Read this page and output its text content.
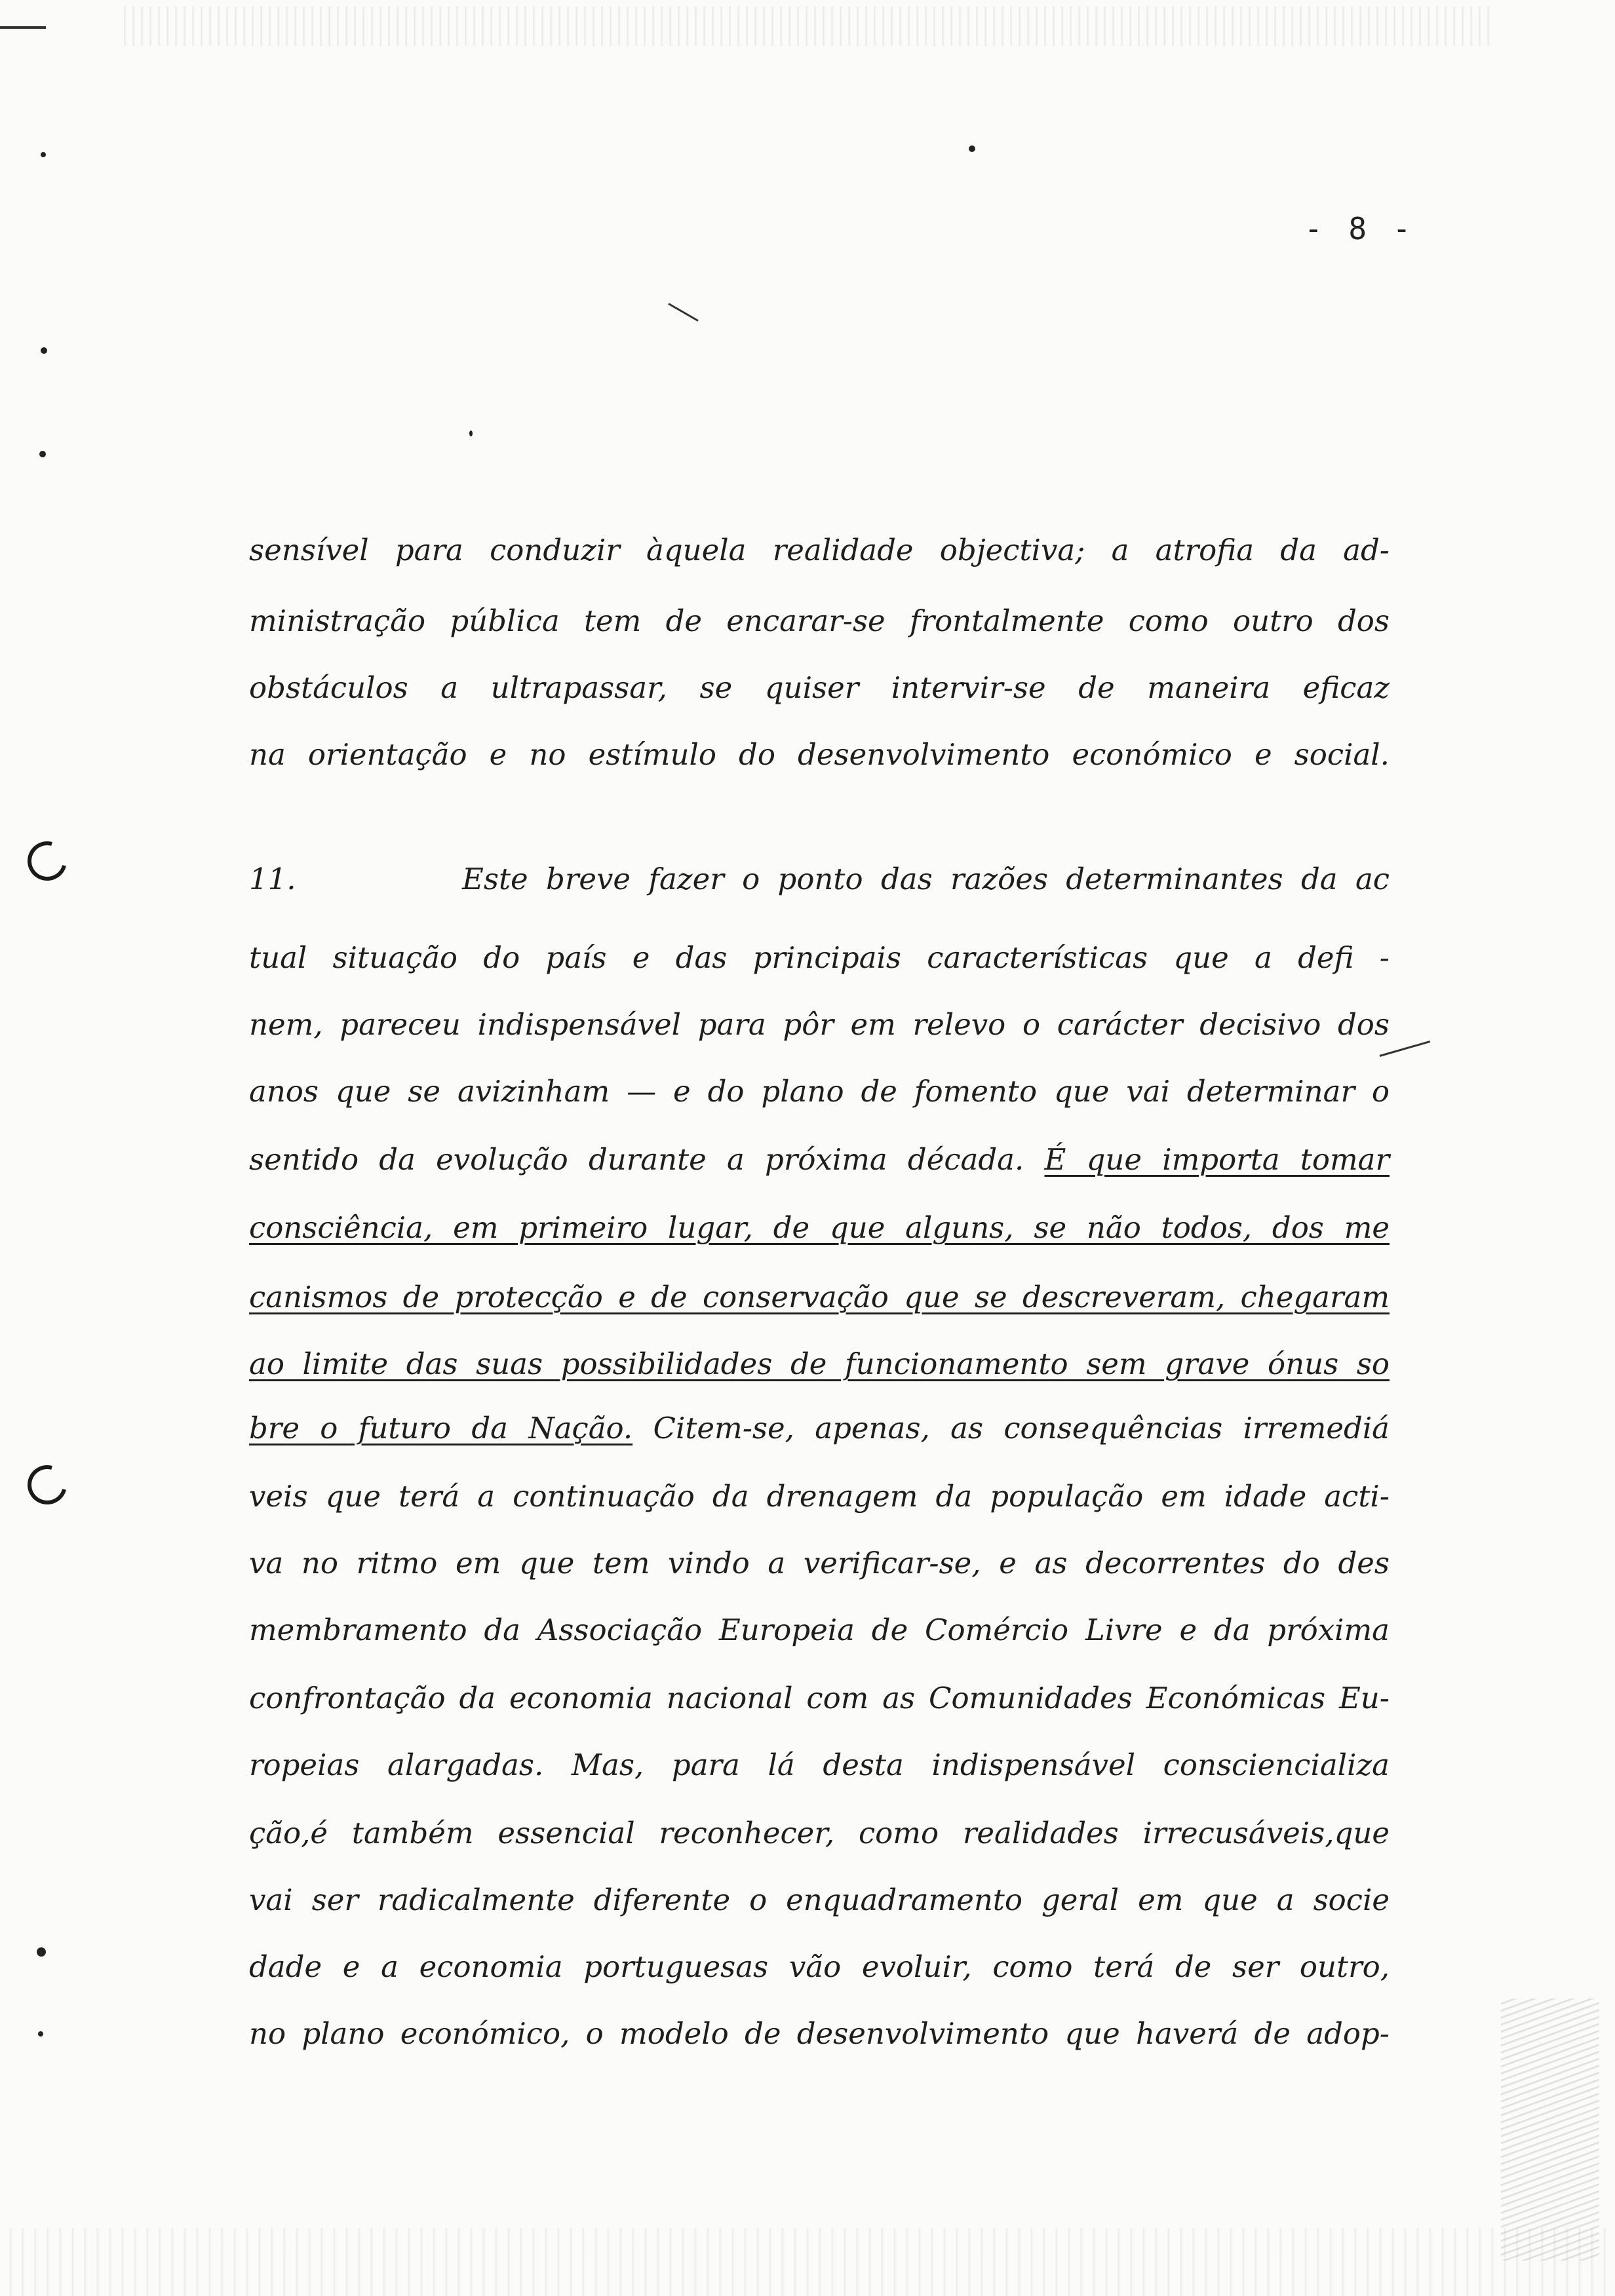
- 8 -
sensível para conduzir àquela realidade objectiva; a atrofia da ad-
ministração pública tem de encarar-se frontalmente como outro dos
obstáculos a ultrapassar, se quiser intervir-se de maneira eficaz
na orientação e no estímulo do desenvolvimento económico e social.
11.	Este breve fazer o ponto das razões determinantes da ac
tual situação do país e das principais características que a defi -
nem, pareceu indispensável para pôr em relevo o carácter decisivo dos
anos que se avizinham — e do plano de fomento que vai determinar o
sentido da evolução durante a próxima década. É que importa tomar
consciência, em primeiro lugar, de que alguns, se não todos, dos me
canismos de protecção e de conservação que se descreveram, chegaram
ao limite das suas possibilidades de funcionamento sem grave ónus so
bre o futuro da Nação. Citem-se, apenas, as consequências irremediá
veis que terá a continuação da drenagem da população em idade acti-
va no ritmo em que tem vindo a verificar-se, e as decorrentes do des
membramento da Associação Europeia de Comércio Livre e da próxima
confrontação da economia nacional com as Comunidades Económicas Eu-
ropeias alargadas. Mas, para lá desta indispensável consciencializa
ção,é também essencial reconhecer, como realidades irrecusáveis,que
vai ser radicalmente diferente o enquadramento geral em que a socie
dade e a economia portuguesas vão evoluir, como terá de ser outro,
no plano económico, o modelo de desenvolvimento que haverá de adop-
